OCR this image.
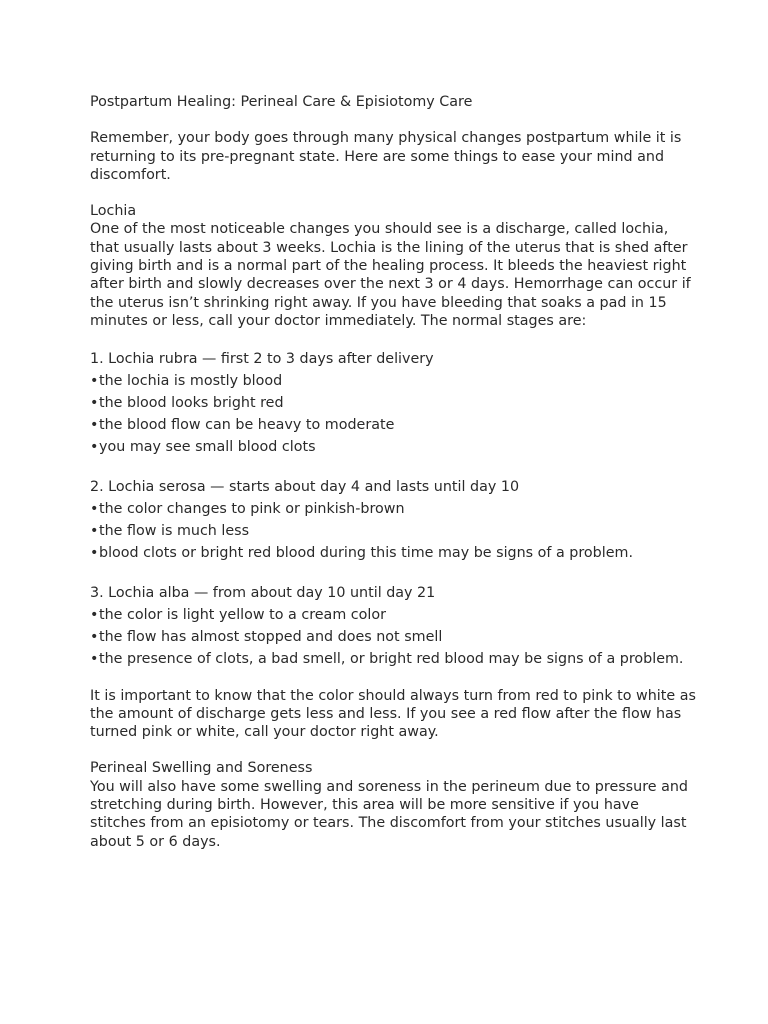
Postpartum Healing: Perineal Care & Episiotomy Care

Remember, your body goes through many physical changes postpartum while it is returning to its pre-pregnant state. Here are some things to ease your mind and discomfort.

Lochia

One of the most noticeable changes you should see is a discharge, called lochia, that usually lasts about 3 weeks. Lochia is the lining of the uterus that is shed after giving birth and is a normal part of the healing process. It bleeds the heaviest right after birth and slowly decreases over the next 3 or 4 days. Hemorrhage can occur if the uterus isn’t shrinking right away. If you have bleeding that soaks a pad in 15 minutes or less, call your doctor immediately. The normal stages are:

1. Lochia rubra — first 2 to 3 days after delivery

• the lochia is mostly blood
• the blood looks bright red
• the blood flow can be heavy to moderate
• you may see small blood clots

2. Lochia serosa — starts about day 4 and lasts until day 10

• the color changes to pink or pinkish-brown
• the flow is much less
• blood clots or bright red blood during this time may be signs of a problem.

3. Lochia alba — from about day 10 until day 21

• the color is light yellow to a cream color
• the flow has almost stopped and does not smell
• the presence of clots, a bad smell, or bright red blood may be signs of a problem.

It is important to know that the color should always turn from red to pink to white as the amount of discharge gets less and less. If you see a red flow after the flow has turned pink or white, call your doctor right away.

Perineal Swelling and Soreness

You will also have some swelling and soreness in the perineum due to pressure and stretching during birth. However, this area will be more sensitive if you have stitches from an episiotomy or tears. The discomfort from your stitches usually last about 5 or 6 days.
